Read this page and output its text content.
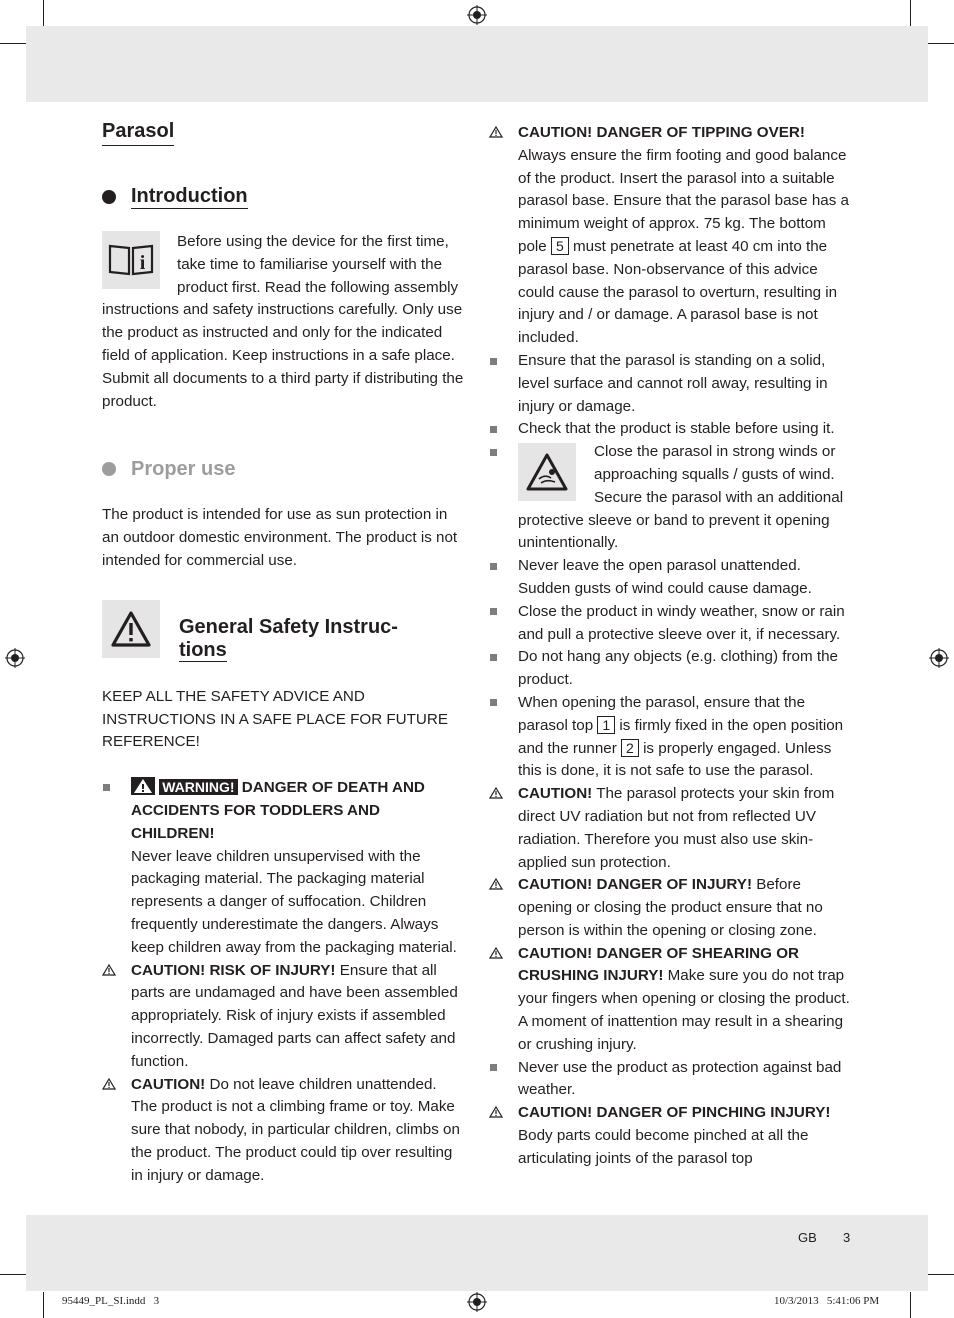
Parasol
Introduction
i

Before using the device for the first time, take time to familiarise yourself with the product first. Read the following assembly instructions and safety instructions carefully. Only use the product as instructed and only for the indicated field of application. Keep instructions in a safe place. Submit all documents to a third party if distributing the product.

Proper use

The product is intended for use as sun protection in an outdoor domestic environment. The product is not intended for commercial use.

General Safety Instruc-
tions

KEEP ALL THE SAFETY ADVICE AND INSTRUCTIONS IN A SAFE PLACE FOR FUTURE REFERENCE!

WARNING! DANGER OF DEATH AND ACCIDENTS FOR TODDLERS AND CHILDREN!
Never leave children unsupervised with the packaging material. The packaging material represents a danger of suffocation. Children frequently underestimate the dangers. Always keep children away from the packaging material.
CAUTION! RISK OF INJURY! Ensure that all parts are undamaged and have been assembled appropriately. Risk of injury exists if assembled incorrectly. Damaged parts can affect safety and function.
CAUTION! Do not leave children unattended. The product is not a climbing frame or toy. Make sure that nobody, in particular children, climbs on the product. The product could tip over resulting in injury or damage.
CAUTION! DANGER OF TIPPING OVER!
Always ensure the firm footing and good balance of the product. Insert the parasol into a suitable parasol base. Ensure that the parasol base has a minimum weight of approx. 75 kg. The bottom pole 5 must penetrate at least 40 cm into the parasol base. Non-observance of this advice could cause the parasol to overturn, resulting in injury and / or damage. A parasol base is not included.
Ensure that the parasol is standing on a solid, level surface and cannot roll away, resulting in injury or damage.
Check that the product is stable before using it.
Close the parasol in strong winds or approaching squalls / gusts of wind. Secure the parasol with an additional protective sleeve or band to prevent it opening unintentionally.
Never leave the open parasol unattended. Sudden gusts of wind could cause damage.
Close the product in windy weather, snow or rain and pull a protective sleeve over it, if necessary.
Do not hang any objects (e.g. clothing) from the product.
When opening the parasol, ensure that the parasol top 1 is firmly fixed in the open position and the runner 2 is properly engaged. Unless this is done, it is not safe to use the parasol.
CAUTION! The parasol protects your skin from direct UV radiation but not from reflected UV radiation. Therefore you must also use skin-applied sun protection.
CAUTION! DANGER OF INJURY! Before opening or closing the product ensure that no person is within the opening or closing zone.
CAUTION! DANGER OF SHEARING OR CRUSHING INJURY! Make sure you do not trap your fingers when opening or closing the product. A moment of inattention may result in a shearing or crushing injury.
Never use the product as protection against bad weather.
CAUTION! DANGER OF PINCHING INJURY! Body parts could become pinched at all the articulating joints of the parasol top
GB 3
95449_PL_SI.indd   3	10/3/2013   5:41:06 PM
